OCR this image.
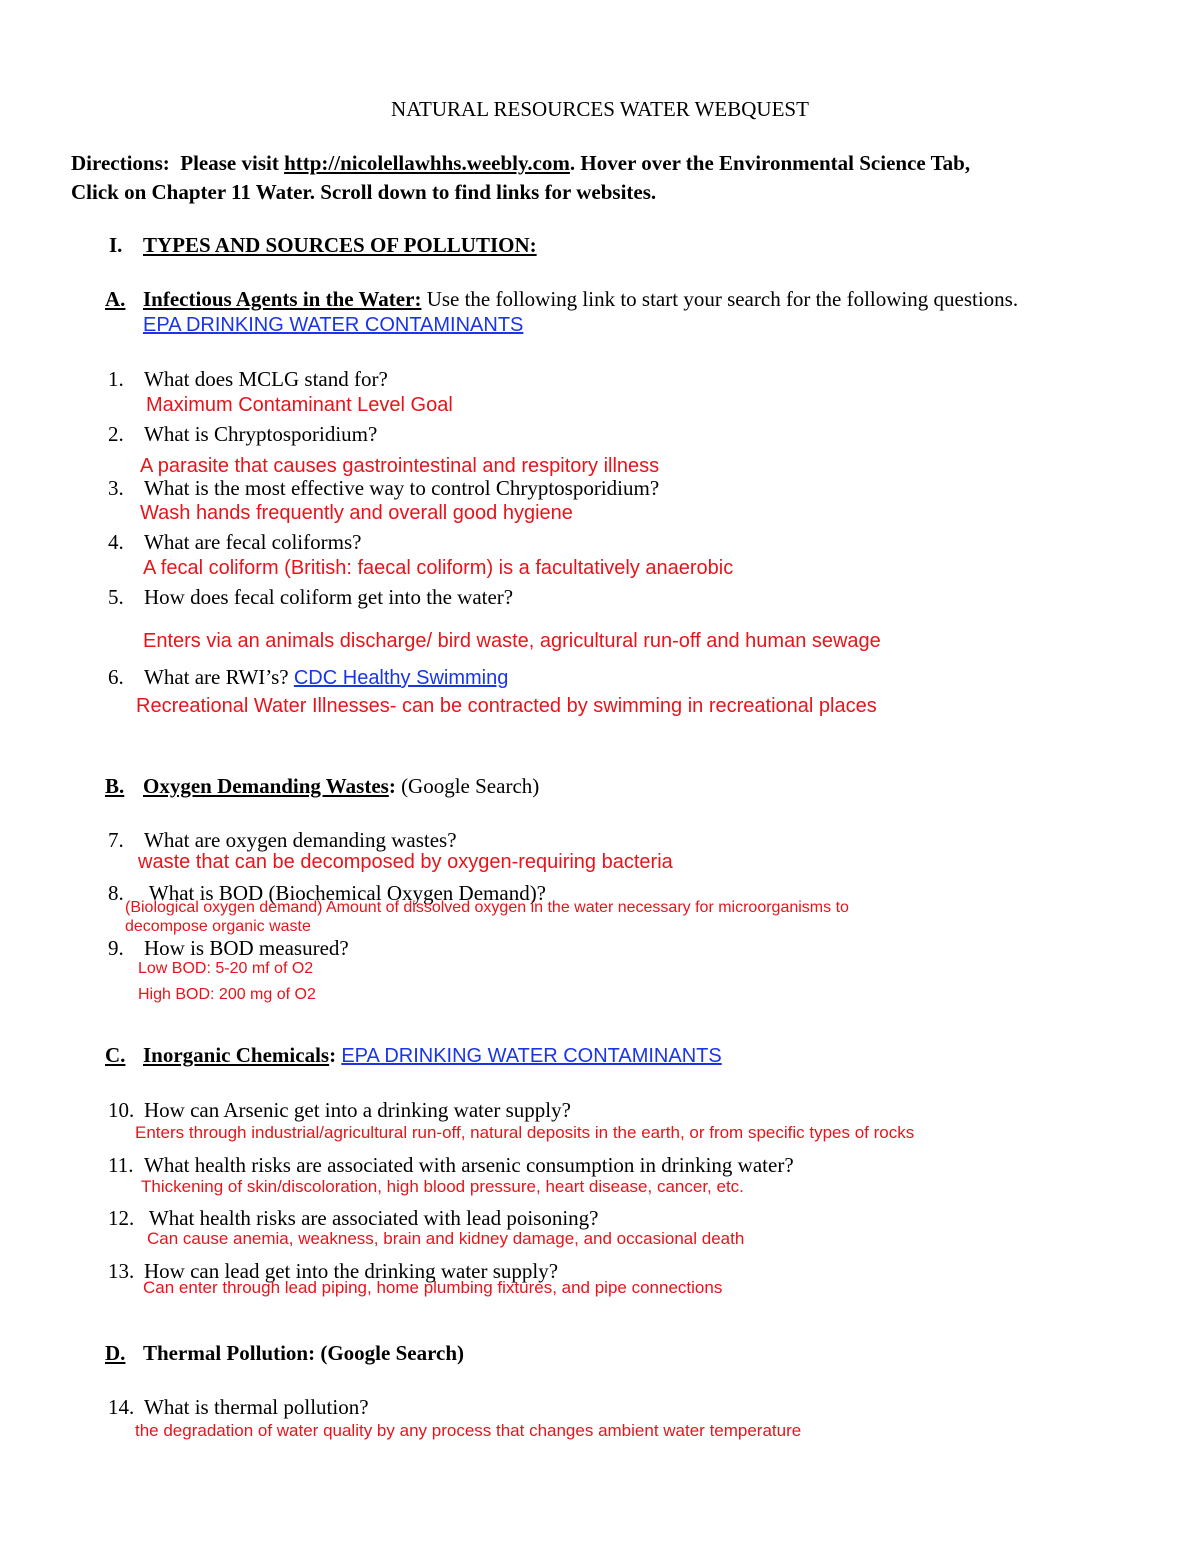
NATURAL RESOURCES WATER WEBQUEST
Directions: Please visit http://nicolellawhhs.weebly.com. Hover over the Environmental Science Tab,
Click on Chapter 11 Water. Scroll down to find links for websites.
I. TYPES AND SOURCES OF POLLUTION:
A. Infectious Agents in the Water: Use the following link to start your search for the following questions.
EPA DRINKING WATER CONTAMINANTS
1. What does MCLG stand for?
Maximum Contaminant Level Goal
2. What is Chryptosporidium?
A parasite that causes gastrointestinal and respitory illness
3. What is the most effective way to control Chryptosporidium?
Wash hands frequently and overall good hygiene
4. What are fecal coliforms?
A fecal coliform (British: faecal coliform) is a facultatively anaerobic
5. How does fecal coliform get into the water?
Enters via an animals discharge/ bird waste, agricultural run-off and human sewage
6. What are RWI’s? CDC Healthy Swimming
Recreational Water Illnesses- can be contracted by swimming in recreational places
B. Oxygen Demanding Wastes: (Google Search)
7. What are oxygen demanding wastes?
waste that can be decomposed by oxygen-requiring bacteria
8. What is BOD (Biochemical Oxygen Demand)?
(Biological oxygen demand) Amount of dissolved oxygen in the water necessary for microorganisms to
decompose organic waste
9. How is BOD measured?
Low BOD: 5-20 mf of O2
High BOD: 200 mg of O2
C. Inorganic Chemicals: EPA DRINKING WATER CONTAMINANTS
10. How can Arsenic get into a drinking water supply?
Enters through industrial/agricultural run-off, natural deposits in the earth, or from specific types of rocks
11. What health risks are associated with arsenic consumption in drinking water?
Thickening of skin/discoloration, high blood pressure, heart disease, cancer, etc.
12. What health risks are associated with lead poisoning?
Can cause anemia, weakness, brain and kidney damage, and occasional death
13. How can lead get into the drinking water supply?
Can enter through lead piping, home plumbing fixtures, and pipe connections
D. Thermal Pollution: (Google Search)
14. What is thermal pollution?
the degradation of water quality by any process that changes ambient water temperature
